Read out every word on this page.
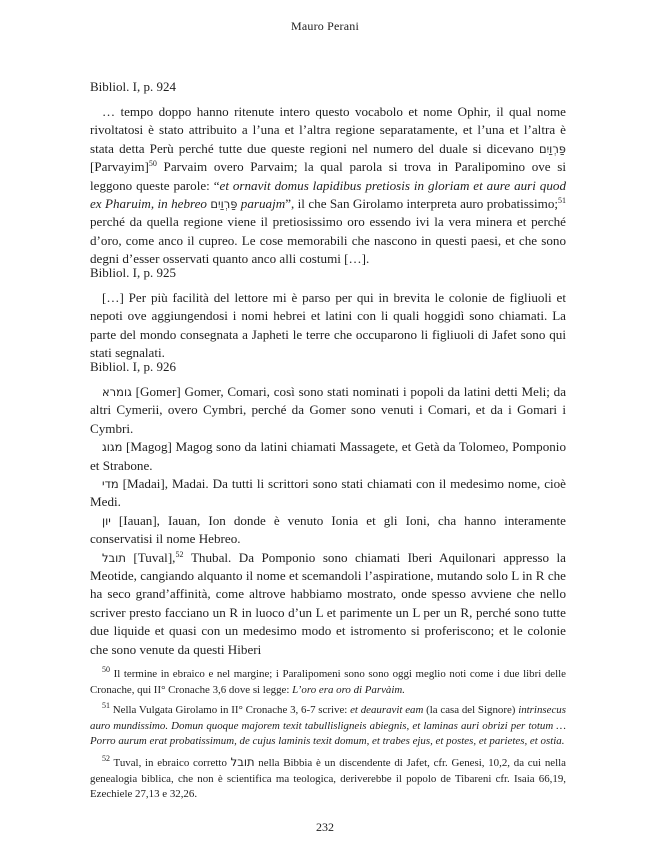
Mauro Perani
Bibliol. I, p. 924

… tempo doppo hanno ritenute intero questo vocabolo et nome Ophir, il qual nome rivoltatosi è stato attribuito a l’una et l’altra regione separatamente, et l’una et l’altra è stata detta Perù perché tutte due queste regioni nel numero del duale si dicevano פַּרְוַיִם [Parvayim]$^{50}$ Parvaim overo Parvaim; la qual parola si trova in Paralipomino ove si leggono queste parole: “et ornavit domus lapidibus pretiosis in gloriam et aure auri quod ex Pharuim, in hebreo פַּרְוַיִם paruajm”, il che San Girolamo interpreta auro probatissimo;$^{51}$ perché da quella regione viene il pretiosissimo oro essendo ivi la vera minera et perché d’oro, come anco il cupreo. Le cose memorabili che nascono in questi paesi, et che sono degni d’esser osservati quanto anco alli costumi […].

Bibliol. I, p. 925

[…] Per più facilità del lettore mi è parso per qui in brevita le colonie de figliuoli et nepoti ove aggiungendosi i nomi hebrei et latini con li quali hoggidì sono chiamati. La parte del mondo consegnata a Japheti le terre che occuparono li figliuoli di Jafet sono qui stati segnalati.

Bibliol. I, p. 926

גומרא [Gomer] Gomer, Comari, così sono stati nominati i popoli da latini detti Meli; da altri Cymerii, overo Cymbri, perché da Gomer sono venuti i Comari, et da i Gomari i Cymbri.

מגוג [Magog] Magog sono da latini chiamati Massagete, et Getà da Tolomeo, Pomponio et Strabone.

מדי [Madai], Madai. Da tutti li scrittori sono stati chiamati con il medesimo nome, cioè Medi.

יון [Iauan], Iauan, Ion donde è venuto Ionia et gli Ioni, cha hanno interamente conservatisi il nome Hebreo.

תובל [Tuval],$^{52}$ Thubal. Da Pomponio sono chiamati Iberi Aquilonari appresso la Meotide, cangiando alquanto il nome et scemandoli l’aspiratione, mutando solo L in R che ha seco grand’affinità, come altrove habbiamo mostrato, onde spesso avviene che nello scriver presto facciano un R in luoco d’un L et parimente un L per un R, perché sono tutte due liquide et quasi con un medesimo modo et istromento si proferiscono; et le colonie che sono venute da questi Hiberi

$^{50}$ Il termine in ebraico e nel margine; i Paralipomeni sono sono oggi meglio noti come i due libri delle Cronache, qui II° Cronache 3,6 dove si legge: L’oro era oro di Parvàim.

$^{51}$ Nella Vulgata Girolamo in II° Cronache 3, 6-7 scrive: et deauravit eam (la casa del Signore) intrinsecus auro mundissimo. Domun quoque majorem texit tabullisligneis abiegnis, et laminas auri obrizi per totum … Porro aurum erat probatissimum, de cujus laminis texit domum, et trabes ejus, et postes, et parietes, et ostia.

$^{52}$ Tuval, in ebraico corretto תובל nella Bibbia è un discendente di Jafet, cfr. Genesi, 10,2, da cui nella genealogia biblica, che non è scientifica ma teologica, deriverebbe il popolo de Tibareni cfr. Isaia 66,19, Ezechiele 27,13 e 32,26.

232
